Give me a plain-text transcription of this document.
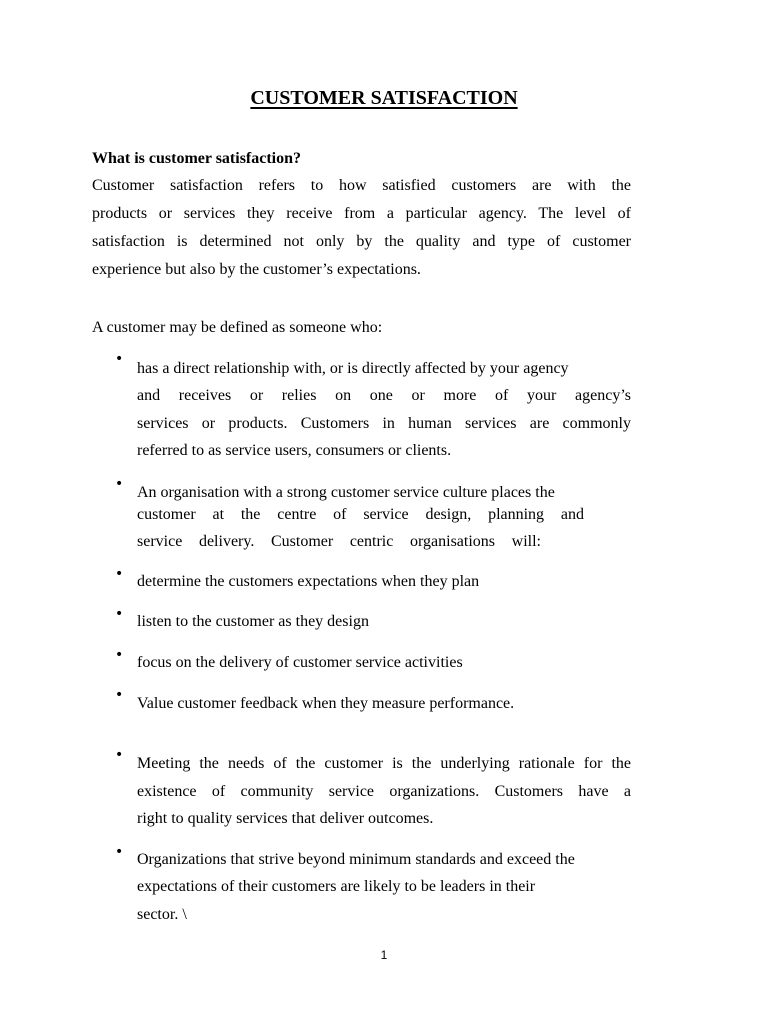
CUSTOMER SATISFACTION
What is customer satisfaction?

Customer satisfaction refers to how satisfied customers are with the

products or services they receive from a particular agency. The level of

satisfaction is determined not only by the quality and type of customer

experience but also by the customer’s expectations.

A customer may be defined as someone who:

•

has a direct relationship with, or is directly affected by your agency

and receives or relies on one or more of your agency’s

services or products. Customers in human services are commonly

referred to as service users, consumers or clients.

• An organisation with a strong customer service culture places the

customer at the centre of service design, planning and

service delivery. Customer centric organisations will:

• determine the customers expectations when they plan

• listen to the customer as they design

• focus on the delivery of customer service activities

• Value customer feedback when they measure performance.

• Meeting the needs of the customer is the underlying rationale for the

existence of community service organizations. Customers have a

right to quality services that deliver outcomes.

• Organizations that strive beyond minimum standards and exceed the

expectations of their customers are likely to be leaders in their

sector. \

1
